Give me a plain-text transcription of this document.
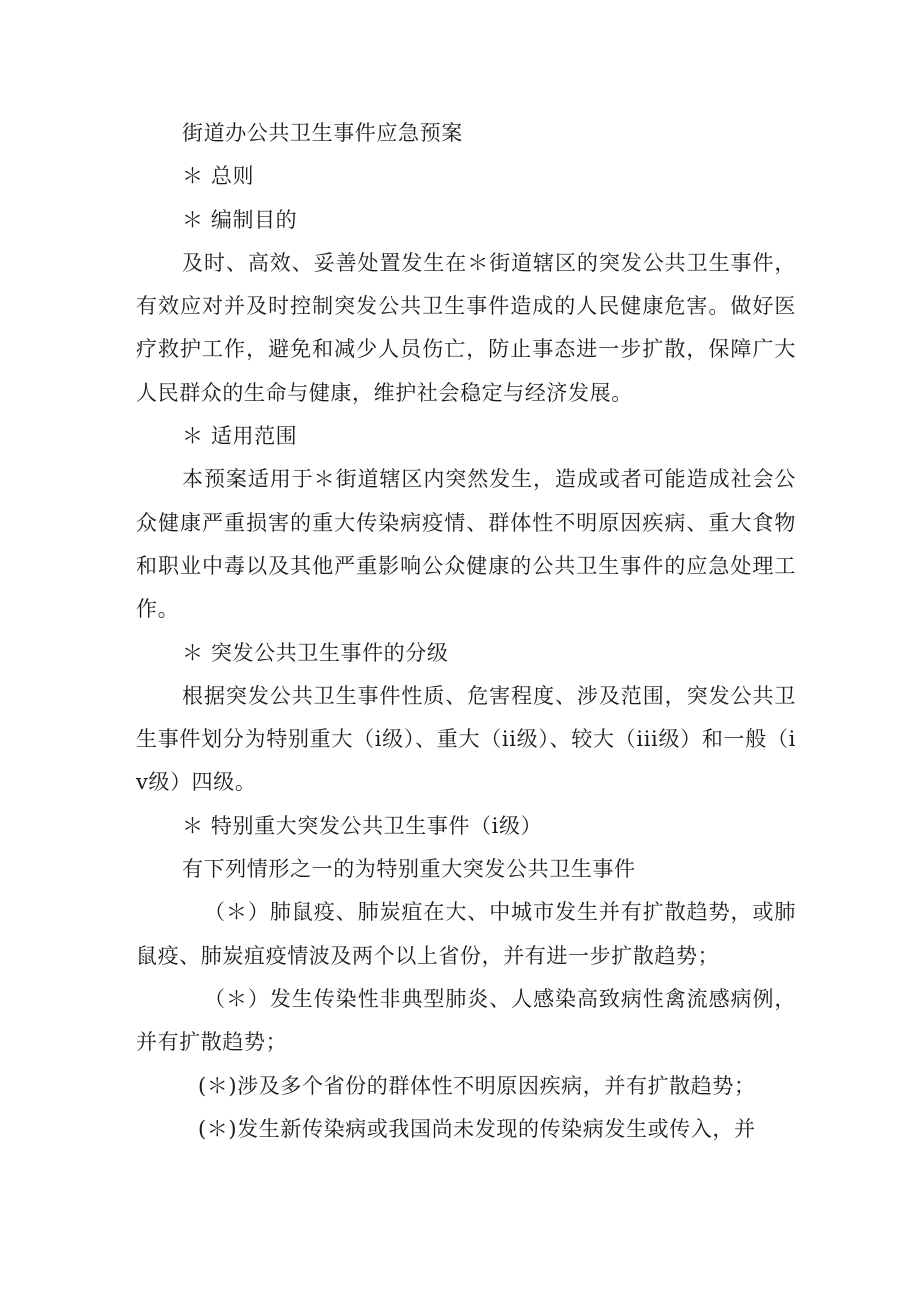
街道办公共卫生事件应急预案

＊ 总则

＊ 编制目的

及时、高效、妥善处置发生在＊街道辖区的突发公共卫生事件，有效应对并及时控制突发公共卫生事件造成的人民健康危害。做好医疗救护工作，避免和减少人员伤亡，防止事态进一步扩散，保障广大人民群众的生命与健康，维护社会稳定与经济发展。

＊ 适用范围

本预案适用于＊街道辖区内突然发生，造成或者可能造成社会公众健康严重损害的重大传染病疫情、群体性不明原因疾病、重大食物和职业中毒以及其他严重影响公众健康的公共卫生事件的应急处理工作。

＊ 突发公共卫生事件的分级

根据突发公共卫生事件性质、危害程度、涉及范围，突发公共卫生事件划分为特别重大（i级）、重大（ii级）、较大（iii级）和一般（iv级）四级。

＊ 特别重大突发公共卫生事件（i级）

有下列情形之一的为特别重大突发公共卫生事件

（＊）肺鼠疫、肺炭疽在大、中城市发生并有扩散趋势，或肺鼠疫、肺炭疽疫情波及两个以上省份，并有进一步扩散趋势；

（＊）发生传染性非典型肺炎、人感染高致病性禽流感病例，并有扩散趋势；

(＊)涉及多个省份的群体性不明原因疾病，并有扩散趋势；

(＊)发生新传染病或我国尚未发现的传染病发生或传入，并
